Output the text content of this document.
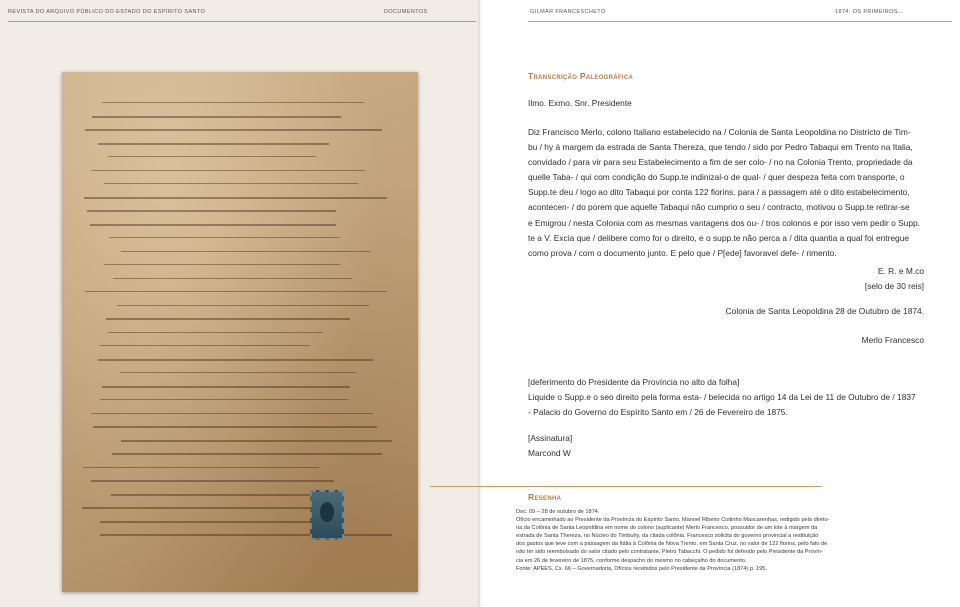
REVISTA DO ARQUIVO PÚBLICO DO ESTADO DO ESPÍRITO SANTO	DOCUMENTOS	GILMAR FRANCESCHETO	1874: OS PRIMEIROS...
Transcrição Paleográfica
Ilmo. Exmo. Snr. Presidente
Diz Francisco Merlo, colono Italiano estabelecido na / Colonia de Santa Leopoldina no Districto de Tim-
bu / hy á margem da estrada de Santa Thereza, que tendo / sido por Pedro Tabaqui em Trento na Italia,
convidado / para vir para seu Estabelecimento a fim de ser colo- / no na Colonia Trento, propriedade da
quelle Taba- / qui com condição do Supp.te indinizal-o de qual- / quer despeza feita com transporte, o
Supp.te deu / logo ao dito Tabaqui por conta 122 fiorins, para / a passagem até o dito estabelecimento,
acontecen- / do porem que aquelle Tabaqui não cumprio o seu / contracto, motivou o Supp.te retirar-se
e Emigrou / nesta Colonia com as mesmas vantagens dos ou- / tros colonos e por isso vem pedir o Supp.
te a V. Excia que / delibere como for o direito, e o supp.te não perca a / dita quantia a qual foi entregue
como prova / com o documento junto. E pelo que / P[ede] favoravel defe- / rimento.
E. R. e M.co
[selo de 30 reis]
Colonia de Santa Leopoldina 28 de Outubro de 1874.
Merlo Francesco
[deferimento do Presidente da Província no alto da folha]
Liquide o Supp.e o seo direito pela forma esta- / belecida no artigo 14 da Lei de 11 de Outubro de / 1837
- Palacio do Governo do Espírito Santo em / 26 de Fevereiro de 1875.
[Assinatura]
Marcond W
Resenha
Doc. 09 – 28 de outubro de 1874.
Ofício encaminhado ao Presidente da Província do Espírito Santo, Manoel Ribeiro Coitinho Mascarenhas, redigido pela direto-
ria da Colônia de Santa Leopoldina em nome do colono (suplicante) Merlo Francesco, possuidor de um lote à margem da
estrada de Santa Thereza, no Núcleo do Timbuhy, da citada colônia. Francesco solicita do governo provincial a restituição
dos gastos que teve com a passagem da Itália à Colônia de Nova Trento, em Santa Cruz, no valor de 122 fiorins, pelo fato de
não ter sido reembolsado do valor citado pelo contratante, Pietro Tabacchi. O pedido foi deferido pelo Presidente da Provín-
cia em 26 de fevereiro de 1875, conforme despacho do mesmo no cabeçalho do documento.
Fonte: APEES, Cx. 66 – Governadoria, Ofícios recebidos pelo Presidente da Província (1874) p. 195.
